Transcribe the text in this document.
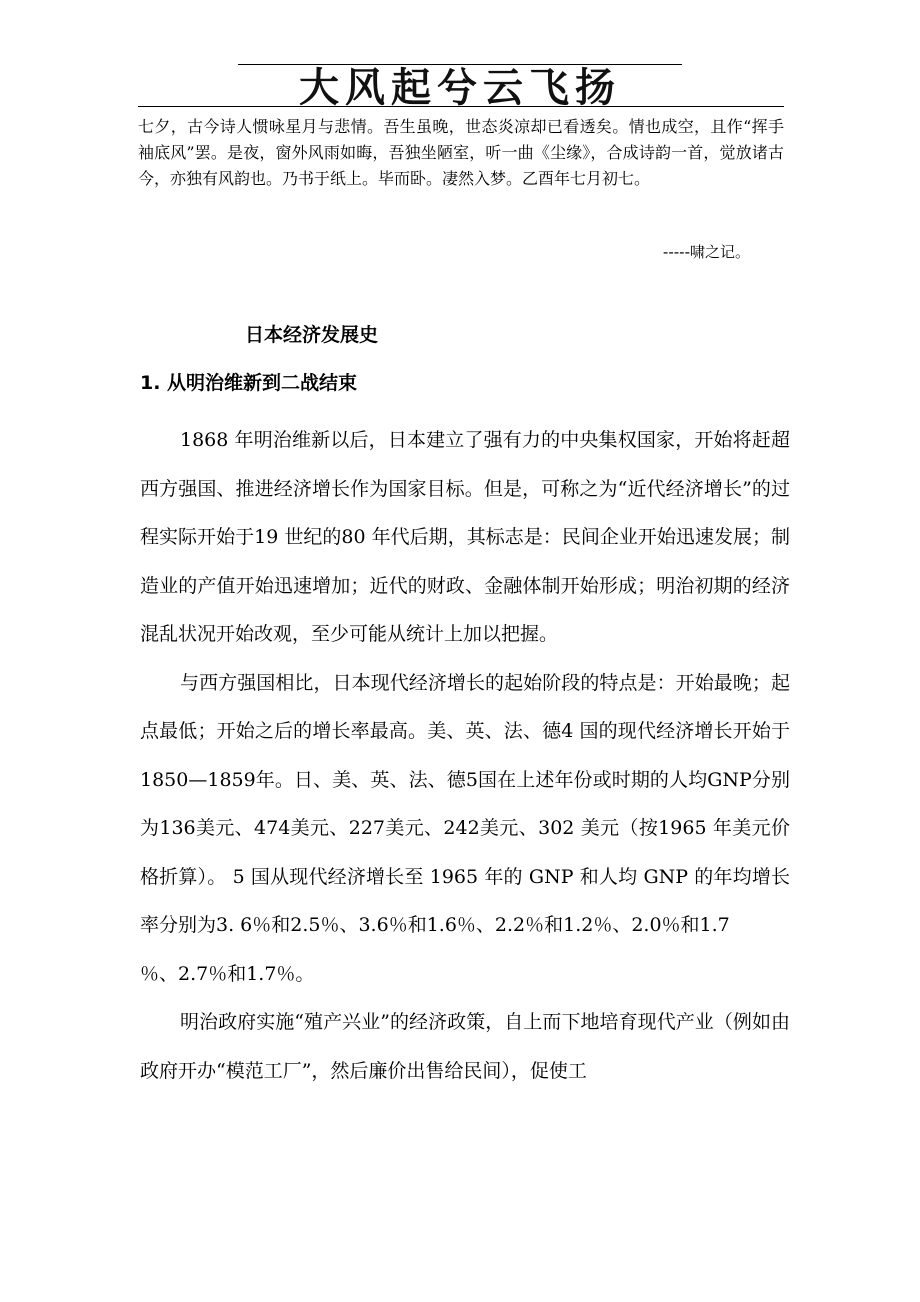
大风起兮云飞扬
七夕，古今诗人惯咏星月与悲情。吾生虽晚，世态炎凉却已看透矣。情也成空，且作“挥手袖底风”罢。是夜，窗外风雨如晦，吾独坐陋室，听一曲《尘缘》，合成诗韵一首，觉放诸古今，亦独有风韵也。乃书于纸上。毕而卧。凄然入梦。乙酉年七月初七。
-----啸之记。
日本经济发展史
1. 从明治维新到二战结束

1868 年明治维新以后，日本建立了强有力的中央集权国家，开始将赶超西方强国、推进经济增长作为国家目标。但是，可称之为“近代经济增长”的过程实际开始于19 世纪的80 年代后期，其标志是：民间企业开始迅速发展；制造业的产值开始迅速增加；近代的财政、金融体制开始形成；明治初期的经济混乱状况开始改观，至少可能从统计上加以把握。

与西方强国相比，日本现代经济增长的起始阶段的特点是：开始最晚；起点最低；开始之后的增长率最高。美、英、法、德4 国的现代经济增长开始于1850—1859年。日、美、英、法、德5国在上述年份或时期的人均GNP分别为136美元、474美元、227美元、242美元、302 美元（按1965 年美元价格折算）。 5 国从现代经济增长至 1965 年的 GNP 和人均 GNP 的年均增长率分别为3. 6％和2.5％、3.6％和1.6％、2.2％和1.2％、2.0％和1.7

％、2.7％和1.7％。

明治政府实施“殖产兴业”的经济政策，自上而下地培育现代产业（例如由政府开办“模范工厂”，然后廉价出售给民间），促使工
